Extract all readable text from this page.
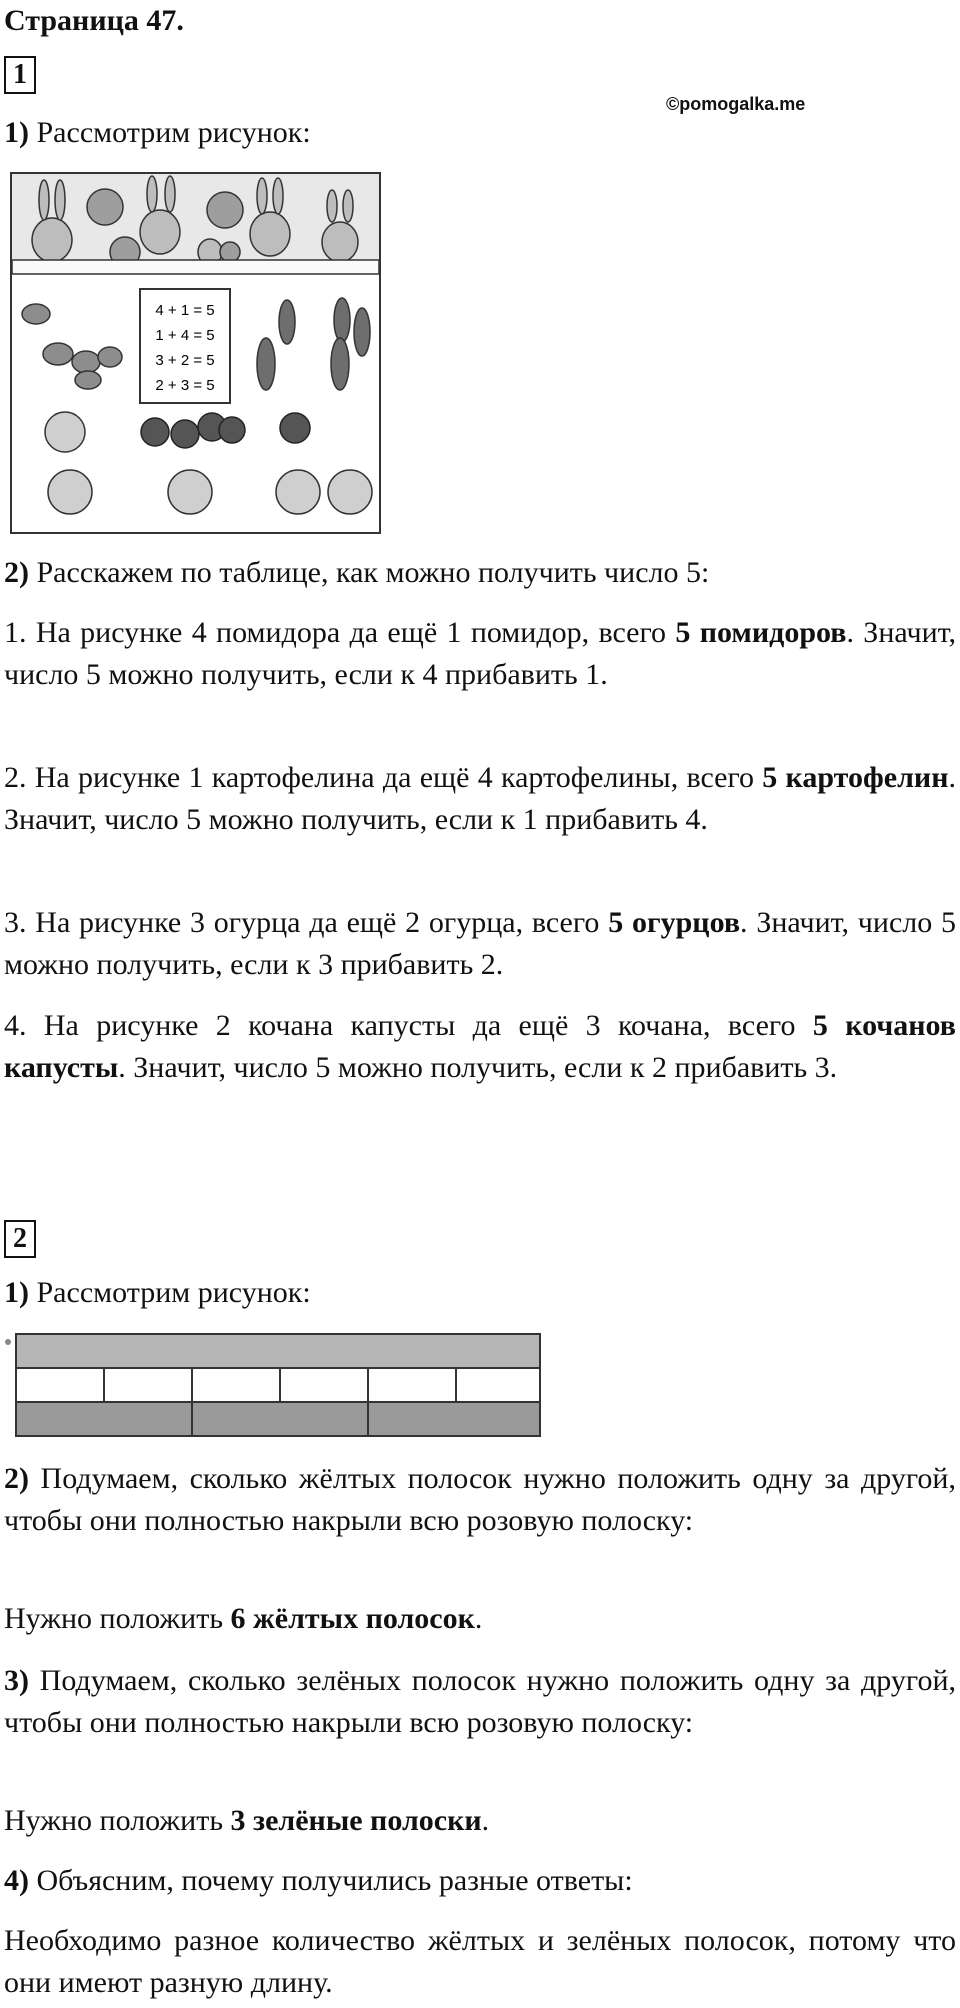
Страница 47.
1
©pomogalka.me

1) Рассмотрим рисунок:

4 + 1 = 5
1 + 4 = 5
3 + 2 = 5
2 + 3 = 5

2) Расскажем по таблице, как можно получить число 5:

1. На рисунке 4 помидора да ещё 1 помидор, всего 5 помидоров. Значит, число 5 можно получить, если к 4 прибавить 1.

2. На рисунке 1 картофелина да ещё 4 картофелины, всего 5 картофелин. Значит, число 5 можно получить, если к 1 прибавить 4.

3. На рисунке 3 огурца да ещё 2 огурца, всего 5 огурцов. Значит, число 5 можно получить, если к 3 прибавить 2.

4. На рисунке 2 кочана капусты да ещё 3 кочана, всего 5 кочанов капусты. Значит, число 5 можно получить, если к 2 прибавить 3.

2

1) Рассмотрим рисунок:

2) Подумаем, сколько жёлтых полосок нужно положить одну за другой, чтобы они полностью накрыли всю розовую полоску:

Нужно положить 6 жёлтых полосок.

3) Подумаем, сколько зелёных полосок нужно положить одну за другой, чтобы они полностью накрыли всю розовую полоску:

Нужно положить 3 зелёные полоски.

4) Объясним, почему получились разные ответы:

Необходимо разное количество жёлтых и зелёных полосок, потому что они имеют разную длину.
